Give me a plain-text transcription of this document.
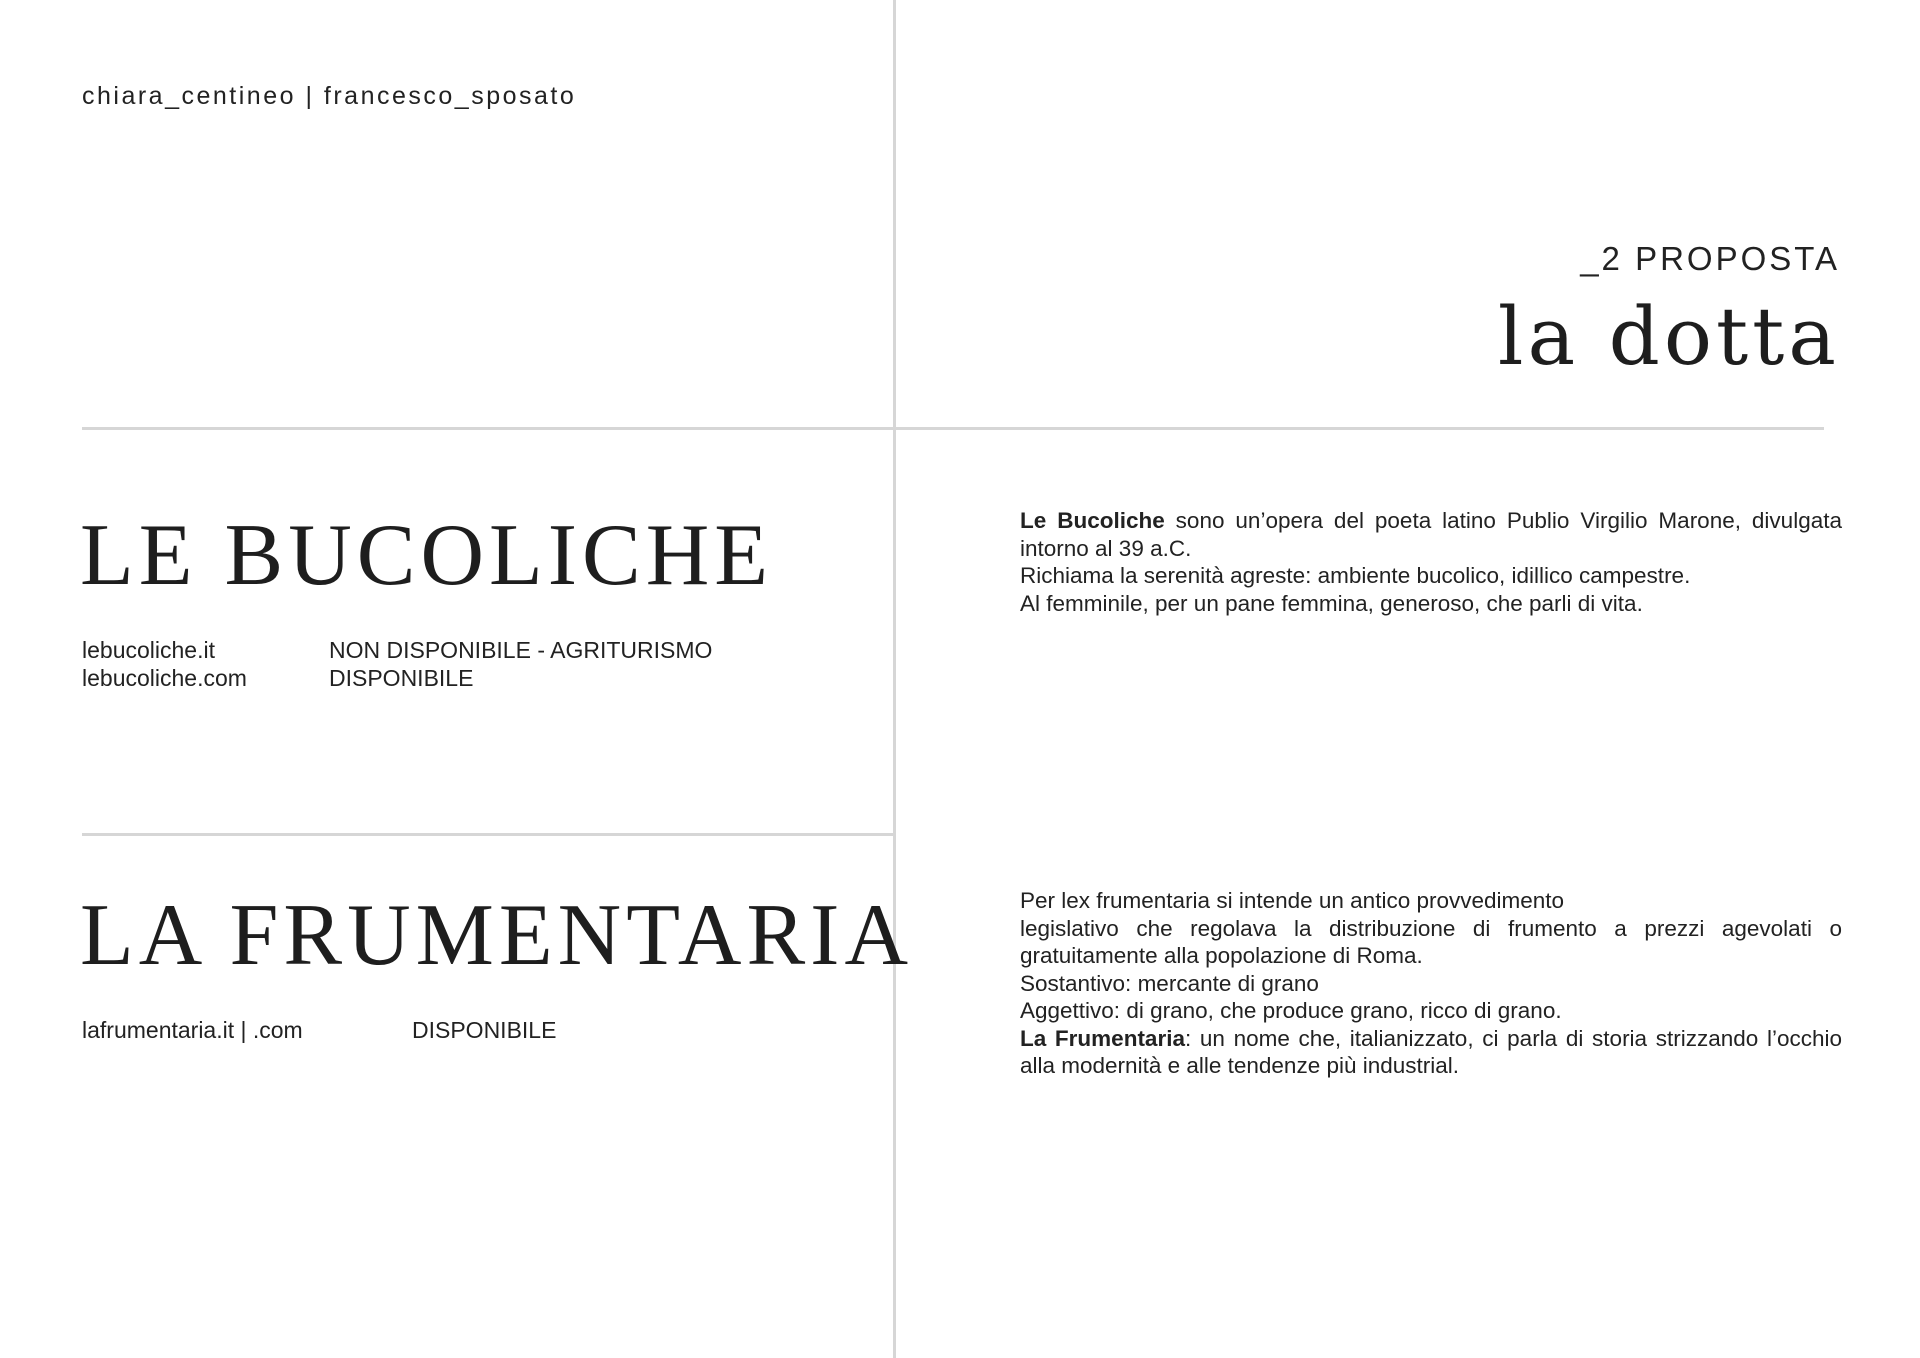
chiara_centineo | francesco_sposato
_2 PROPOSTA
la dotta
LE BUCOLICHE
lebucoliche.it	NON DISPONIBILE - AGRITURISMO
lebucoliche.com	DISPONIBILE

Le Bucoliche sono un’opera del poeta latino Publio Virgilio Marone, divulgata intorno al 39 a.C.

Richiama la serenità agreste: ambiente bucolico, idillico campestre.

Al femminile, per un pane femmina, generoso, che parli di vita.

LA FRUMENTARIA
lafrumentaria.it | .com	DISPONIBILE

Per lex frumentaria si intende un antico provvedimento

legislativo che regolava la distribuzione di frumento a prezzi agevolati o gratuitamente alla popolazione di Roma.

Sostantivo: mercante di grano

Aggettivo: di grano, che produce grano, ricco di grano.

La Frumentaria: un nome che, italianizzato, ci parla di storia strizzando l’occhio alla modernità e alle tendenze più industrial.
